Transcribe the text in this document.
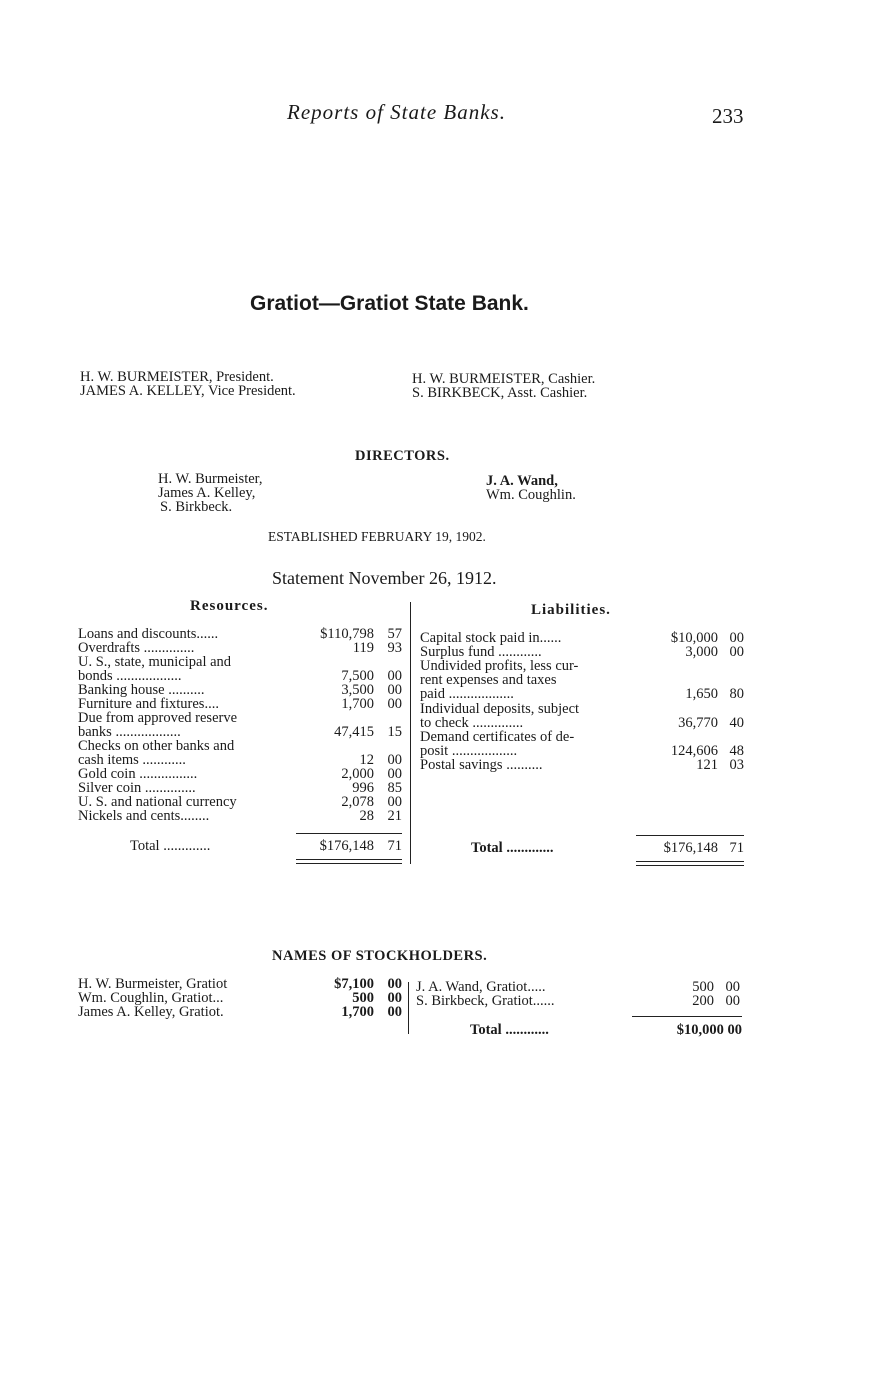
Reports of State Banks.	233
Gratiot—Gratiot State Bank.
H. W. BURMEISTER, President.
JAMES A. KELLEY, Vice President.
H. W. BURMEISTER, Cashier.
S. BIRKBECK, Asst. Cashier.
DIRECTORS.
H. W. Burmeister,
James A. Kelley,
S. Birkbeck.
J. A. Wand,
Wm. Coughlin.
ESTABLISHED FEBRUARY 19, 1902.
Statement November 26, 1912.
Resources.	Liabilities.
Loans and discounts......	$110,798 57
Overdrafts ..............	119 93
U. S., state, municipal and
bonds ..................	7,500 00
Banking house ..........	3,500 00
Furniture and fixtures....	1,700 00
Due from approved reserve
banks ..................	47,415 15
Checks on other banks and
cash items ............	12 00
Gold coin ................	2,000 00
Silver coin ..............	996 85
U. S. and national currency	2,078 00
Nickels and cents........	28 21
Capital stock paid in......	$10,000 00
Surplus fund ............	3,000 00
Undivided profits, less cur-
rent expenses and taxes
paid ..................	1,650 80
Individual deposits, subject
to check ..............	36,770 40
Demand certificates of de-
posit ..................	124,606 48
Postal savings ..........	121 03
Total .............	$176,148 71	Total .............	$176,148 71
NAMES OF STOCKHOLDERS.
H. W. Burmeister, Gratiot	$7,100 00
Wm. Coughlin, Gratiot...	500 00
James A. Kelley, Gratiot.	1,700 00
J. A. Wand, Gratiot.....	500 00
S. Birkbeck, Gratiot......	200 00
Total ............	$10,000 00
